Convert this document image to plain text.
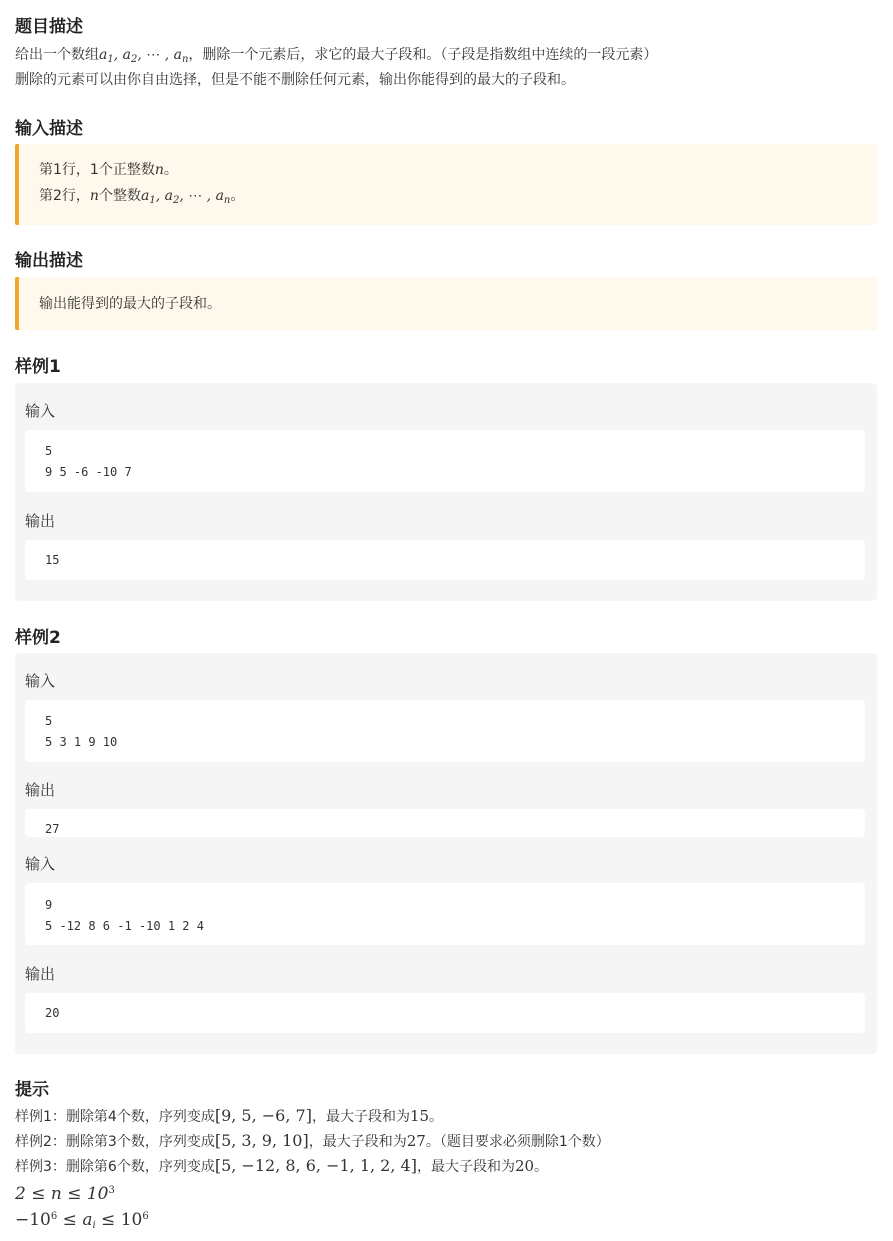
题目描述
给出一个数组$a_1$, $a_2$, ⋯ , $a_n$，删除一个元素后，求它的最大子段和。（子段是指数组中连续的一段元素）
删除的元素可以由你自由选择，但是不能不删除任何元素，输出你能得到的最大的子段和。
输入描述
第1行，1个正整数n。
第2行，n个整数$a_1$, $a_2$, ⋯ , $a_n$。
输出描述
输出能得到的最大的子段和。
样例1
输入
5
9 5 -6 -10 7
输出
15
样例2
输入
5
5 3 1 9 10
输出
27
输入
9
5 -12 8 6 -1 -10 1 2 4
输出
20
提示
样例1：删除第4个数，序列变成[9, 5, −6, 7]，最大子段和为15。
样例2：删除第3个数，序列变成[5, 3, 9, 10]，最大子段和为27。（题目要求必须删除1个数）
样例3：删除第6个数，序列变成[5, −12, 8, 6, −1, 1, 2, 4]，最大子段和为20。
$2 \le n \le 10^3$
$-10^6 \le a_i \le 10^6$
